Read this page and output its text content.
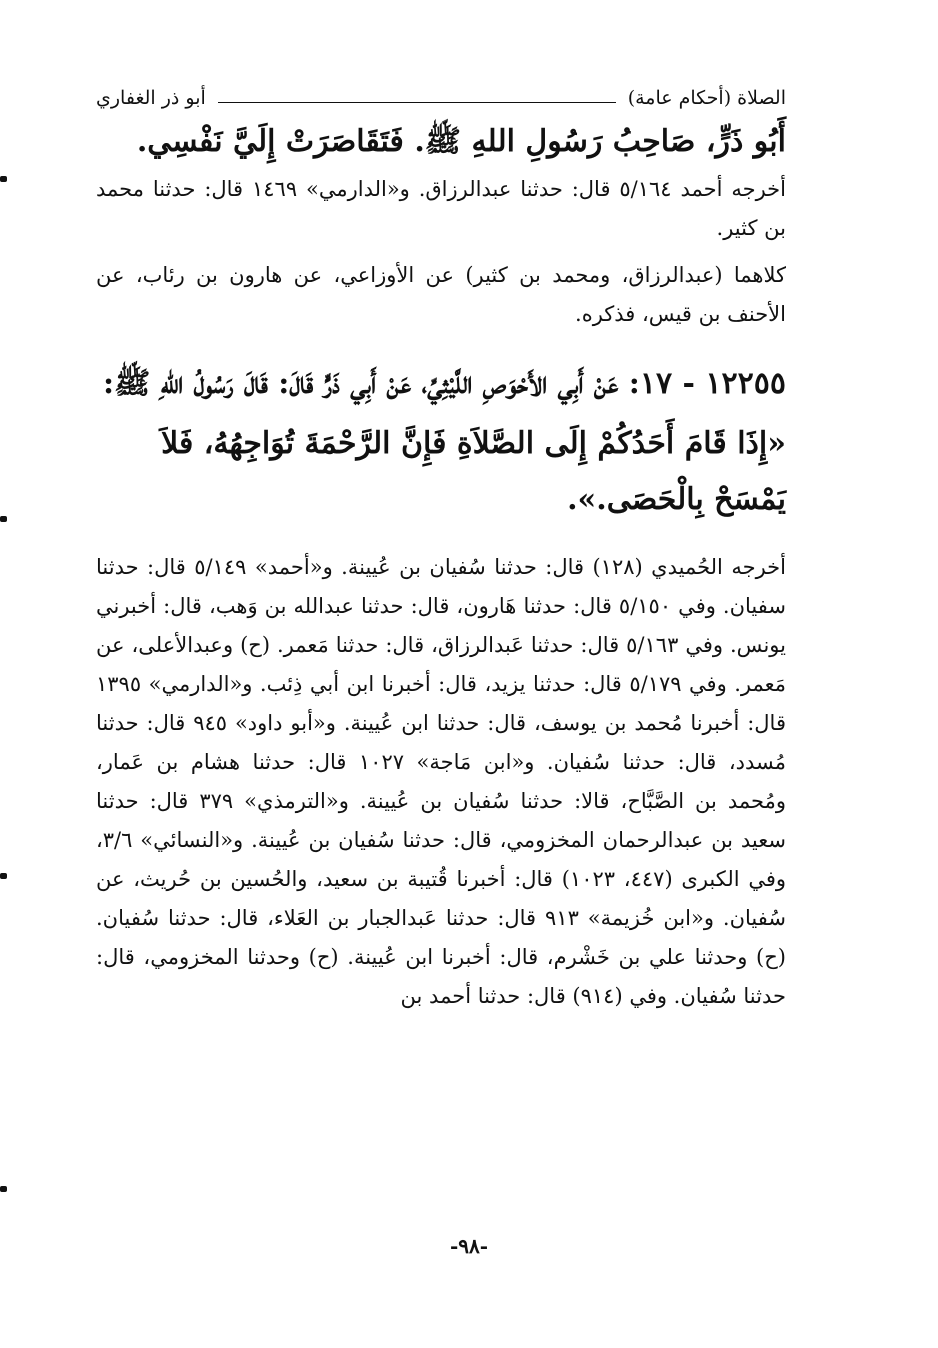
الصلاة (أحكام عامة)
أبو ذر الغفاري

أَبُو ذَرٍّ، صَاحِبُ رَسُولِ اللهِ ﷺ. فَتَقَاصَرَتْ إِلَيَّ نَفْسِي.

أخرجه أحمد ٥/١٦٤ قال: حدثنا عبدالرزاق. و«الدارمي» ١٤٦٩ قال: حدثنا محمد بن كثير.

كلاهما (عبدالرزاق، ومحمد بن كثير) عن الأوزاعي، عن هارون بن رئاب، عن الأحنف بن قيس، فذكره.

١٢٢٥٥ - ١٧: عَنْ أَبِي الأَحْوَصِ اللَّيْثِيِّ، عَنْ أَبِي ذَرٍّ قَالَ: قَالَ رَسُولُ اللهِ ﷺ:

«إِذَا قَامَ أَحَدُكُمْ إِلَى الصَّلاَةِ فَإِنَّ الرَّحْمَةَ تُوَاجِهُهُ، فَلاَ يَمْسَحْ بِالْحَصَى.».

أخرجه الحُميدي (١٢٨) قال: حدثنا سُفيان بن عُيينة. و«أحمد» ٥/١٤٩ قال: حدثنا سفيان. وفي ٥/١٥٠ قال: حدثنا هَارون، قال: حدثنا عبدالله بن وَهب، قال: أخبرني يونس. وفي ٥/١٦٣ قال: حدثنا عَبدالرزاق، قال: حدثنا مَعمر. (ح) وعبدالأعلى، عن مَعمر. وفي ٥/١٧٩ قال: حدثنا يزيد، قال: أخبرنا ابن أبي ذِئب. و«الدارمي» ١٣٩٥ قال: أخبرنا مُحمد بن يوسف، قال: حدثنا ابن عُيينة. و«أبو داود» ٩٤٥ قال: حدثنا مُسدد، قال: حدثنا سُفيان. و«ابن مَاجة» ١٠٢٧ قال: حدثنا هشام بن عَمار، ومُحمد بن الصَّبَّاح، قالا: حدثنا سُفيان بن عُيينة. و«الترمذي» ٣٧٩ قال: حدثنا سعيد بن عبدالرحمان المخزومي، قال: حدثنا سُفيان بن عُيينة. و«النسائي» ٣/٦، وفي الكبرى (٤٤٧، ١٠٢٣) قال: أخبرنا قُتيبة بن سعيد، والحُسين بن حُريث، عن سُفيان. و«ابن خُزيمة» ٩١٣ قال: حدثنا عَبدالجبار بن العَلاء، قال: حدثنا سُفيان. (ح) وحدثنا علي بن خَشْرم، قال: أخبرنا ابن عُيينة. (ح) وحدثنا المخزومي، قال: حدثنا سُفيان. وفي (٩١٤) قال: حدثنا أحمد بن

-٩٨-
